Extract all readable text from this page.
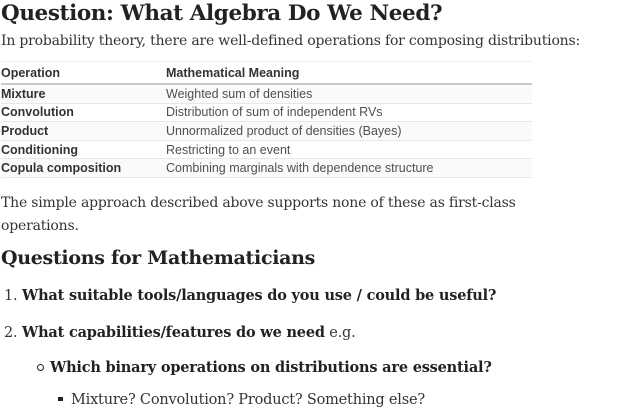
Question: What Algebra Do We Need?

In probability theory, there are well-defined operations for composing distributions:

Operation	Mathematical Meaning
Mixture	Weighted sum of densities
Convolution	Distribution of sum of independent RVs
Product	Unnormalized product of densities (Bayes)
Conditioning	Restricting to an event
Copula composition	Combining marginals with dependence structure

The simple approach described above supports none of these as first-class
operations.

Questions for Mathematicians
1. What suitable tools/languages do you use / could be useful?
2. What capabilities/features do we need e.g.
Which binary operations on distributions are essential?
Mixture? Convolution? Product? Something else?
